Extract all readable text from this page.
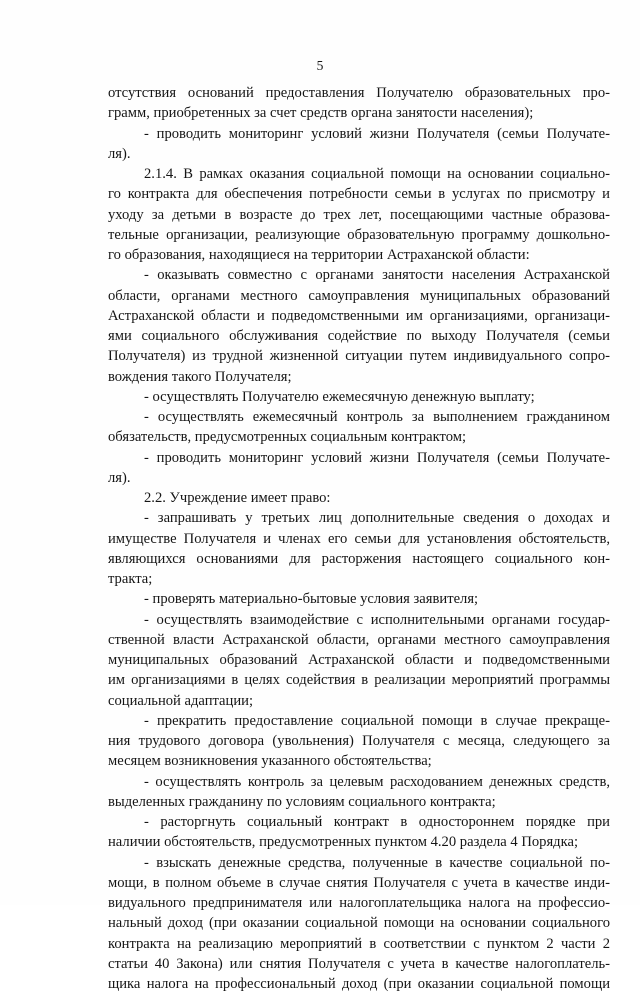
5
отсутствия оснований предоставления Получателю образовательных про-
грамм, приобретенных за счет средств органа занятости населения);
- проводить мониторинг условий жизни Получателя (семьи Получате-
ля).
2.1.4. В рамках оказания социальной помощи на основании социально-
го контракта для обеспечения потребности семьи в услугах по присмотру и
уходу за детьми в возрасте до трех лет, посещающими частные образова-
тельные организации, реализующие образовательную программу дошкольно-
го образования, находящиеся на территории Астраханской области:
- оказывать совместно с органами занятости населения Астраханской
области, органами местного самоуправления муниципальных образований
Астраханской области и подведомственными им организациями, организаци-
ями социального обслуживания содействие по выходу Получателя (семьи
Получателя) из трудной жизненной ситуации путем индивидуального сопро-
вождения такого Получателя;
- осуществлять Получателю ежемесячную денежную выплату;
- осуществлять ежемесячный контроль за выполнением гражданином
обязательств, предусмотренных социальным контрактом;
- проводить мониторинг условий жизни Получателя (семьи Получате-
ля).
2.2. Учреждение имеет право:
- запрашивать у третьих лиц дополнительные сведения о доходах и
имуществе Получателя и членах его семьи для установления обстоятельств,
являющихся основаниями для расторжения настоящего социального кон-
тракта;
- проверять материально-бытовые условия заявителя;
- осуществлять взаимодействие с исполнительными органами государ-
ственной власти Астраханской области, органами местного самоуправления
муниципальных образований Астраханской области и подведомственными
им организациями в целях содействия в реализации мероприятий программы
социальной адаптации;
- прекратить предоставление социальной помощи в случае прекраще-
ния трудового договора (увольнения) Получателя с месяца, следующего за
месяцем возникновения указанного обстоятельства;
- осуществлять контроль за целевым расходованием денежных средств,
выделенных гражданину по условиям социального контракта;
- расторгнуть социальный контракт в одностороннем порядке при
наличии обстоятельств, предусмотренных пунктом 4.20 раздела 4 Порядка;
- взыскать денежные средства, полученные в качестве социальной по-
мощи, в полном объеме в случае снятия Получателя с учета в качестве инди-
видуального предпринимателя или налогоплательщика налога на профессио-
нальный доход (при оказании социальной помощи на основании социального
контракта на реализацию мероприятий в соответствии с пунктом 2 части 2
статьи 40 Закона) или снятия Получателя с учета в качестве налогоплатель-
щика налога на профессиональный доход (при оказании социальной помощи
